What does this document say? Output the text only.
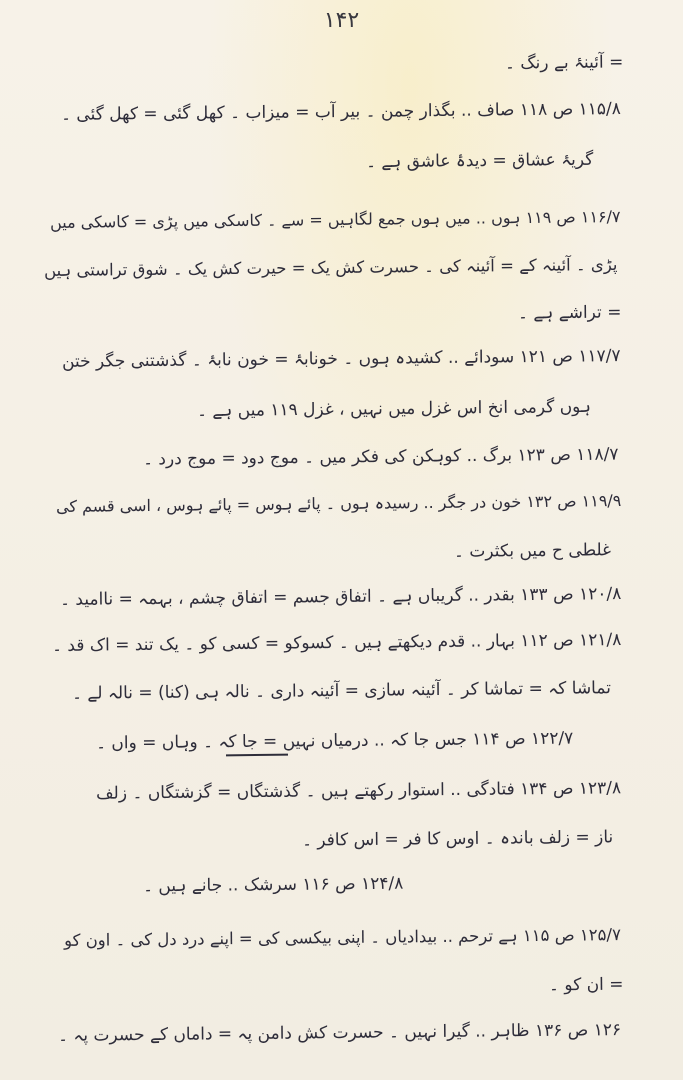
۱۴۲
= آئینۂ بے رنگ ۔
۱۱۵/۸ ص ۱۱۸ صاف .. بگذار چمن ۔ بیر آب = میزاب ۔ کھل گئی = کھل گئی ۔
گریۂ عشاق = دیدۂ عاشق ہے ۔
۱۱۶/۷ ص ۱۱۹ ہوں .. میں ہوں جمع لگاہیں = سے ۔ کاسکی میں پڑی = کاسکی میں
پڑی ۔ آئینہ کے = آئینہ کی ۔ حسرت کش یک = حیرت کش یک ۔ شوق تراستی ہیں
= تراشے ہے ۔
۱۱۷/۷ ص ۱۲۱ سودائے .. کشیدہ ہوں ۔ خونابۂ = خون نابۂ ۔ گذشتنی جگر ختن
ہوں گرمی انخ اس غزل میں نہیں ، غزل ۱۱۹ میں ہے ۔
۱۱۸/۷ ص ۱۲۳ برگ .. کوہکن کی فکر میں ۔ موج دود = موج درد ۔
۱۱۹/۹ ص ۱۳۲ خون در جگر .. رسیدہ ہوں ۔ پائے ہوس = پائے ہوس ، اسی قسم کی
غلطی ح میں بکثرت ۔
۱۲۰/۸ ص ۱۳۳ بقدر .. گریباں ہے ۔ اتفاق جسم = اتفاق چشم ، بہمہ = ناامید ۔
۱۲۱/۸ ص ۱۱۲ بہار .. قدم دیکھتے ہیں ۔ کسوکو = کسی کو ۔ یک تند = اک قد ۔
تماشا کہ = تماشا کر ۔ آئینہ سازی = آئینہ داری ۔ نالہ ہی (کنا) = نالہ لے ۔
۱۲۲/۷ ص ۱۱۴ جس جا کہ .. درمیاں نہیں = جا کہ ۔ وہاں = واں ۔
۱۲۳/۸ ص ۱۳۴ فتادگی .. استوار رکھتے ہیں ۔ گذشتگاں = گزشتگاں ۔ زلف
ناز = زلف باندہ ۔ اوس کا فر = اس کافر ۔
۱۲۴/۸ ص ۱۱۶ سرشک .. جانے ہیں ۔
۱۲۵/۷ ص ۱۱۵ ہے ترحم .. بیدادیاں ۔ اپنی بیکسی کی = اپنے درد دل کی ۔ اون کو
= ان کو ۔
۱۲۶ ص ۱۳۶ ظاہر .. گیرا نہیں ۔ حسرت کش دامن پہ = داماں کے حسرت پہ ۔
